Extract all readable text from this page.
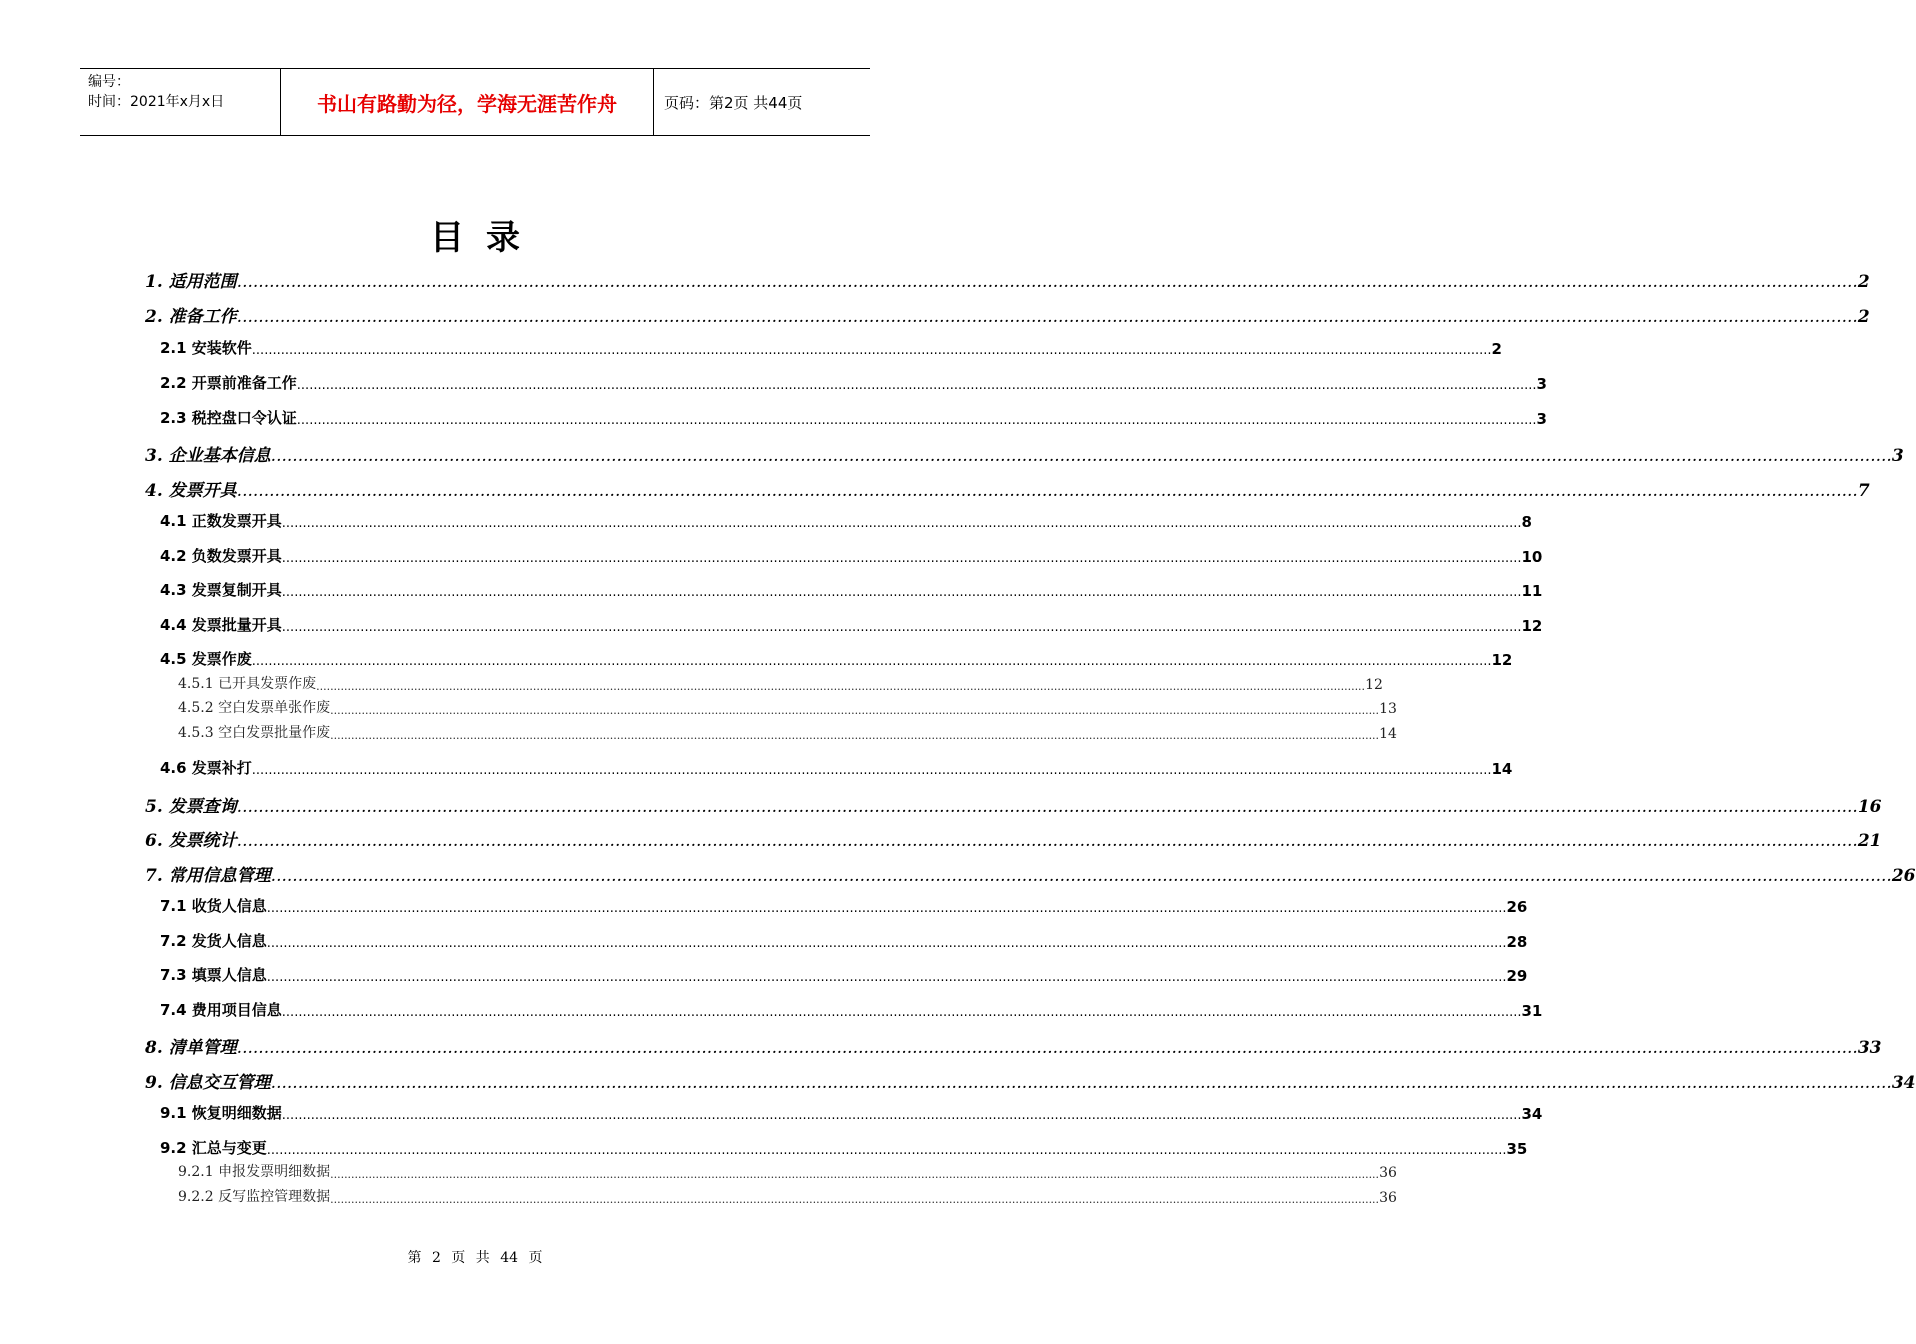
编号：
时间：2021年x月x日	书山有路勤为径，学海无涯苦作舟	页码：第2页 共44页
目录
1. 适用范围 ............................................................................................................................................................................................................................................................................................................ 2
2. 准备工作 ............................................................................................................................................................................................................................................................................................................ 2
2.1 安装软件 ............................................................................................................................................................................................................................................................................................................ 2
2.2 开票前准备工作 ............................................................................................................................................................................................................................................................................................................ 3
2.3 税控盘口令认证 ............................................................................................................................................................................................................................................................................................................ 3
3. 企业基本信息 ............................................................................................................................................................................................................................................................................................................ 3
4. 发票开具 ............................................................................................................................................................................................................................................................................................................ 7
4.1 正数发票开具 ............................................................................................................................................................................................................................................................................................................ 8
4.2 负数发票开具 ............................................................................................................................................................................................................................................................................................................ 10
4.3 发票复制开具 ............................................................................................................................................................................................................................................................................................................ 11
4.4 发票批量开具 ............................................................................................................................................................................................................................................................................................................ 12
4.5 发票作废 ............................................................................................................................................................................................................................................................................................................ 12
4.5.1 已开具发票作废 ............................................................................................................................................................................................................................................................................................................ 12
4.5.2 空白发票单张作废 ............................................................................................................................................................................................................................................................................................................ 13
4.5.3 空白发票批量作废 ............................................................................................................................................................................................................................................................................................................ 14
4.6 发票补打 ............................................................................................................................................................................................................................................................................................................ 14
5. 发票查询 ............................................................................................................................................................................................................................................................................................................ 16
6. 发票统计 ............................................................................................................................................................................................................................................................................................................ 21
7. 常用信息管理 ............................................................................................................................................................................................................................................................................................................ 26
7.1 收货人信息 ............................................................................................................................................................................................................................................................................................................ 26
7.2 发货人信息 ............................................................................................................................................................................................................................................................................................................ 28
7.3 填票人信息 ............................................................................................................................................................................................................................................................................................................ 29
7.4 费用项目信息 ............................................................................................................................................................................................................................................................................................................ 31
8. 清单管理 ............................................................................................................................................................................................................................................................................................................ 33
9. 信息交互管理 ............................................................................................................................................................................................................................................................................................................ 34
9.1 恢复明细数据 ............................................................................................................................................................................................................................................................................................................ 34
9.2 汇总与变更 ............................................................................................................................................................................................................................................................................................................ 35
9.2.1 申报发票明细数据 ............................................................................................................................................................................................................................................................................................................ 36
9.2.2 反写监控管理数据 ............................................................................................................................................................................................................................................................................................................ 36
第 2 页 共 44 页
